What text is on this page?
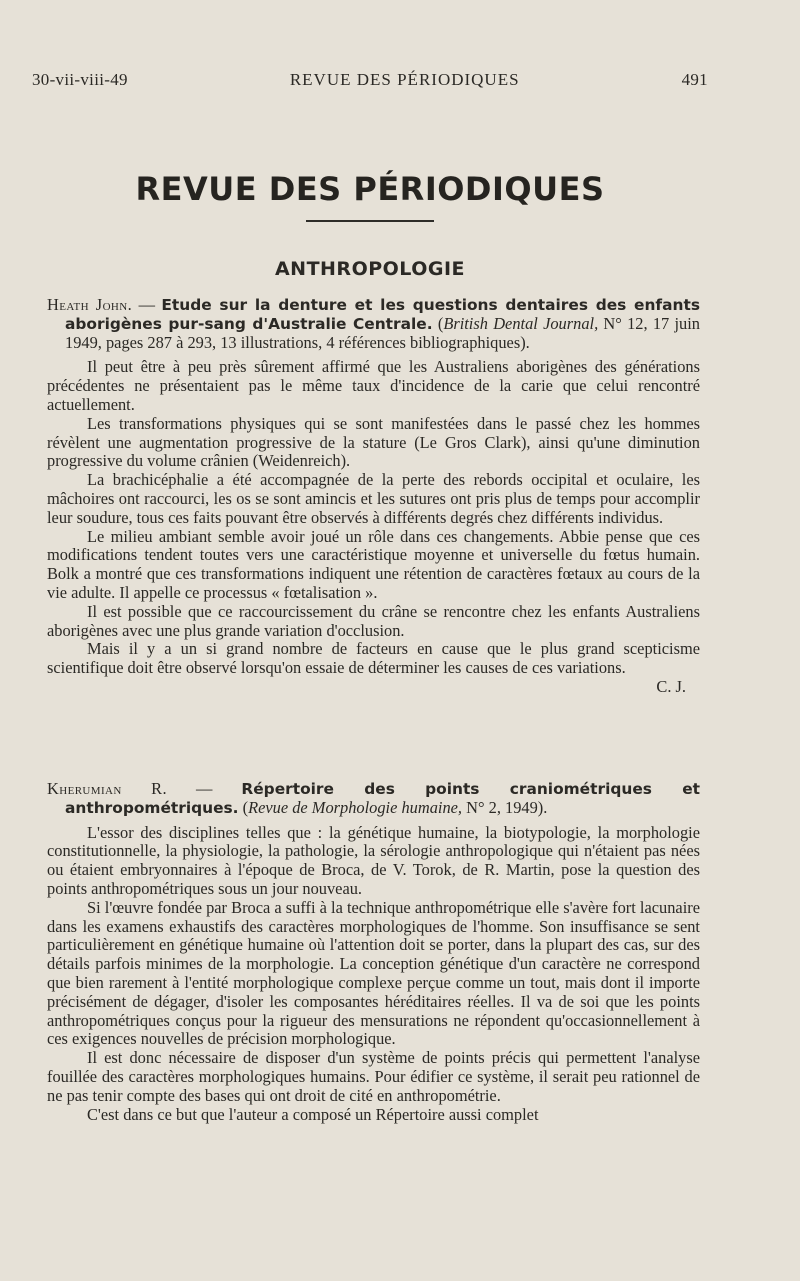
30-vii-viii-49	REVUE DES PÉRIODIQUES	491
REVUE DES PÉRIODIQUES
ANTHROPOLOGIE

Heath John. — Etude sur la denture et les questions dentaires des enfants aborigènes pur-sang d'Australie Centrale. (British Dental Journal, N° 12, 17 juin 1949, pages 287 à 293, 13 illustrations, 4 références bibliographiques).

Il peut être à peu près sûrement affirmé que les Australiens aborigènes des générations précédentes ne présentaient pas le même taux d'incidence de la carie que celui rencontré actuellement.

Les transformations physiques qui se sont manifestées dans le passé chez les hommes révèlent une augmentation progressive de la stature (Le Gros Clark), ainsi qu'une diminution progressive du volume crânien (Weidenreich).

La brachicéphalie a été accompagnée de la perte des rebords occipital et oculaire, les mâchoires ont raccourci, les os se sont amincis et les sutures ont pris plus de temps pour accomplir leur soudure, tous ces faits pouvant être observés à différents degrés chez différents individus.

Le milieu ambiant semble avoir joué un rôle dans ces changements. Abbie pense que ces modifications tendent toutes vers une caractéristique moyenne et universelle du fœtus humain. Bolk a montré que ces transformations indiquent une rétention de caractères fœtaux au cours de la vie adulte. Il appelle ce processus « fœtalisation ».

Il est possible que ce raccourcissement du crâne se rencontre chez les enfants Australiens aborigènes avec une plus grande variation d'occlusion.

Mais il y a un si grand nombre de facteurs en cause que le plus grand scepticisme scientifique doit être observé lorsqu'on essaie de déterminer les causes de ces variations.
C. J.

Kherumian R. — Répertoire des points craniométriques et anthropométriques. (Revue de Morphologie humaine, N° 2, 1949).

L'essor des disciplines telles que : la génétique humaine, la biotypologie, la morphologie constitutionnelle, la physiologie, la pathologie, la sérologie anthropologique qui n'étaient pas nées ou étaient embryonnaires à l'époque de Broca, de V. Torok, de R. Martin, pose la question des points anthropométriques sous un jour nouveau.

Si l'œuvre fondée par Broca a suffi à la technique anthropométrique elle s'avère fort lacunaire dans les examens exhaustifs des caractères morphologiques de l'homme. Son insuffisance se sent particulièrement en génétique humaine où l'attention doit se porter, dans la plupart des cas, sur des détails parfois minimes de la morphologie. La conception génétique d'un caractère ne correspond que bien rarement à l'entité morphologique complexe perçue comme un tout, mais dont il importe précisément de dégager, d'isoler les composantes héréditaires réelles. Il va de soi que les points anthropométriques conçus pour la rigueur des mensurations ne répondent qu'occasionnellement à ces exigences nouvelles de précision morphologique.

Il est donc nécessaire de disposer d'un système de points précis qui permettent l'analyse fouillée des caractères morphologiques humains. Pour édifier ce système, il serait peu rationnel de ne pas tenir compte des bases qui ont droit de cité en anthropométrie.

C'est dans ce but que l'auteur a composé un Répertoire aussi complet
